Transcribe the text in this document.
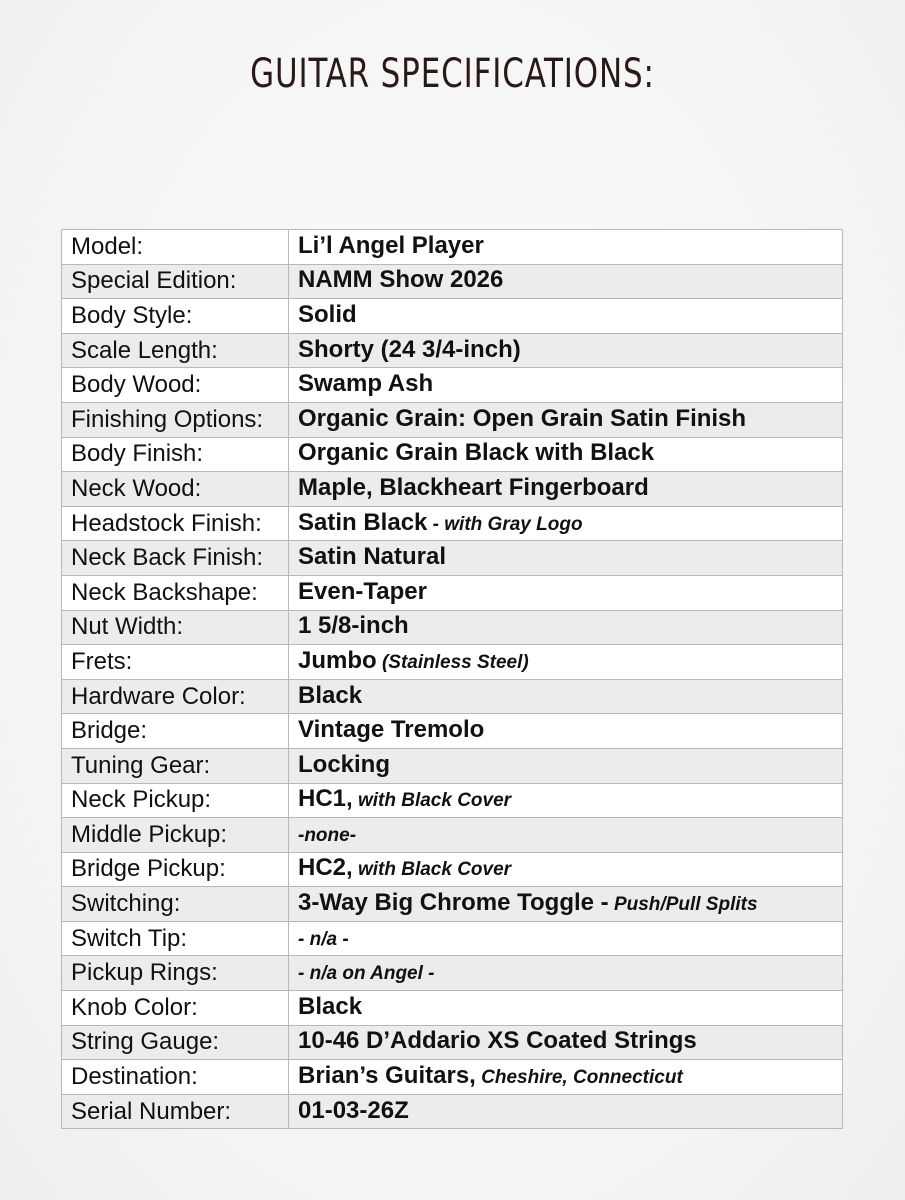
GUITAR SPECIFICATIONS:
Model:	Li’l Angel Player
Special Edition:	NAMM Show 2026
Body Style:	Solid
Scale Length:	Shorty (24 3/4-inch)
Body Wood:	Swamp Ash
Finishing Options:	Organic Grain: Open Grain Satin Finish
Body Finish:	Organic Grain Black with Black
Neck Wood:	Maple, Blackheart Fingerboard
Headstock Finish:	Satin Black - with Gray Logo
Neck Back Finish:	Satin Natural
Neck Backshape:	Even-Taper
Nut Width:	1 5/8-inch
Frets:	Jumbo (Stainless Steel)
Hardware Color:	Black
Bridge:	Vintage Tremolo
Tuning Gear:	Locking
Neck Pickup:	HC1, with Black Cover
Middle Pickup:	-none-
Bridge Pickup:	HC2, with Black Cover
Switching:	3-Way Big Chrome Toggle - Push/Pull Splits
Switch Tip:	- n/a -
Pickup Rings:	- n/a on Angel -
Knob Color:	Black
String Gauge:	10-46 D’Addario XS Coated Strings
Destination:	Brian’s Guitars, Cheshire, Connecticut
Serial Number:	01-03-26Z
